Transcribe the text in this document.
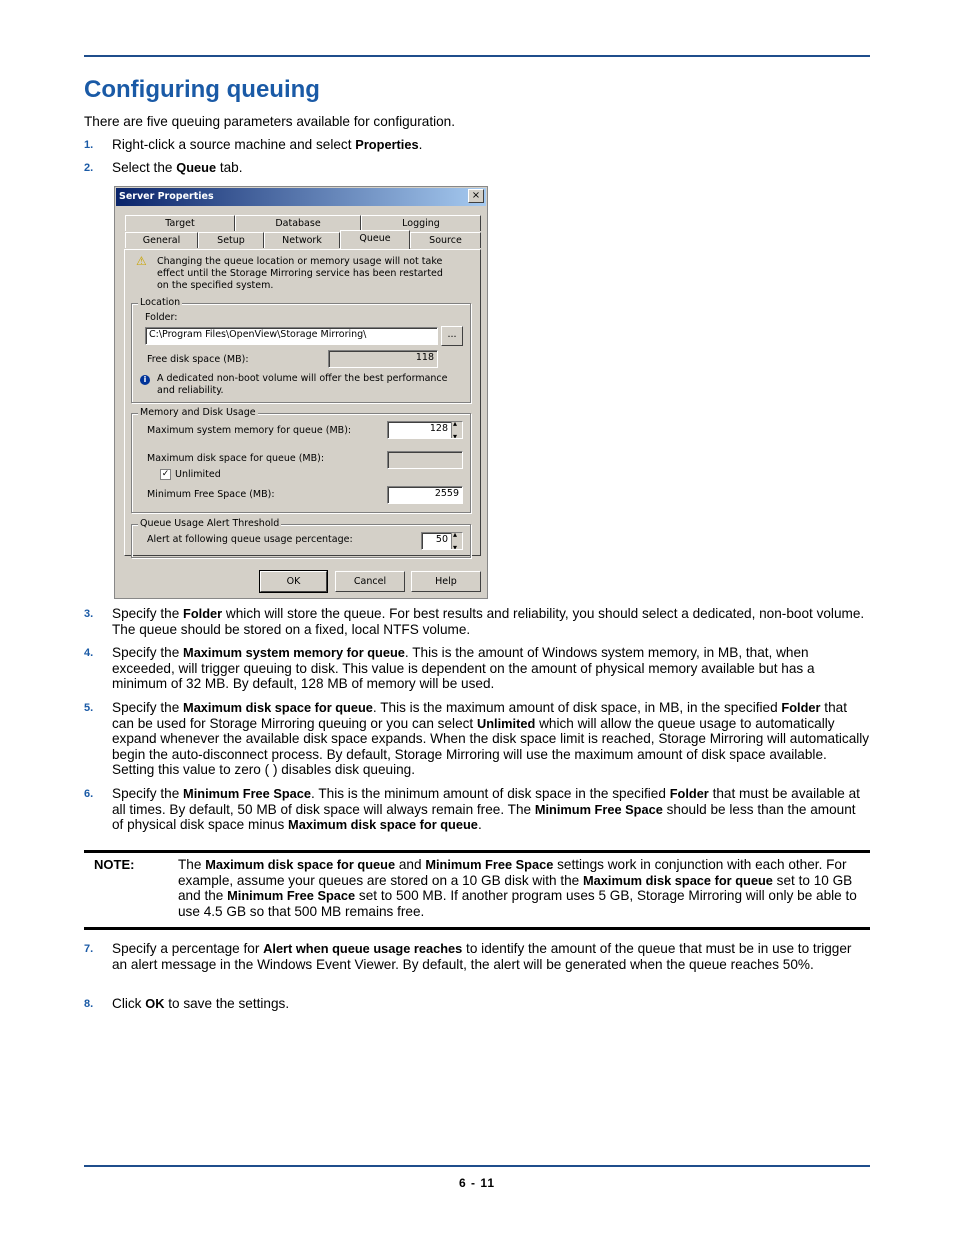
Configuring queuing
There are five queuing parameters available for configuration.
1. Right-click a source machine and select Properties.
2. Select the Queue tab.
Server Properties	×
Target	Database	Logging
General	Setup	Network	Queue	Source
⚠ Changing the queue location or memory usage will not take effect until the Storage Mirroring service has been restarted on the specified system.
Location
Folder:
C:\Program Files\OpenView\Storage Mirroring\	...
Free disk space (MB):	118
i	A dedicated non-boot volume will offer the best performance and reliability.
Memory and Disk Usage
Maximum system memory for queue (MB):	128
▴ ▾
Maximum disk space for queue (MB):
✓ Unlimited
Minimum Free Space (MB):	2559
Queue Usage Alert Threshold
Alert at following queue usage percentage:	50
▴ ▾
OK	Cancel	Help
3. Specify the Folder which will store the queue. For best results and reliability, you should select a dedicated, non-boot volume. The queue should be stored on a fixed, local NTFS volume.
4. Specify the Maximum system memory for queue. This is the amount of Windows system memory, in MB, that, when exceeded, will trigger queuing to disk. This value is dependent on the amount of physical memory available but has a minimum of 32 MB. By default, 128 MB of memory will be used.
5. Specify the Maximum disk space for queue. This is the maximum amount of disk space, in MB, in the specified Folder that can be used for Storage Mirroring queuing or you can select Unlimited which will allow the queue usage to automatically expand whenever the available disk space expands. When the disk space limit is reached, Storage Mirroring will automatically begin the auto-disconnect process. By default, Storage Mirroring will use the maximum amount of disk space available. Setting this value to zero ( ) disables disk queuing.
6. Specify the Minimum Free Space. This is the minimum amount of disk space in the specified Folder that must be available at all times. By default, 50 MB of disk space will always remain free. The Minimum Free Space should be less than the amount of physical disk space minus Maximum disk space for queue.
NOTE:	The Maximum disk space for queue and Minimum Free Space settings work in conjunction with each other. For example, assume your queues are stored on a 10 GB disk with the Maximum disk space for queue set to 10 GB and the Minimum Free Space set to 500 MB. If another program uses 5 GB, Storage Mirroring will only be able to use 4.5 GB so that 500 MB remains free.
7. Specify a percentage for Alert when queue usage reaches to identify the amount of the queue that must be in use to trigger an alert message in the Windows Event Viewer. By default, the alert will be generated when the queue reaches 50%.
8. Click OK to save the settings.
6 - 11
